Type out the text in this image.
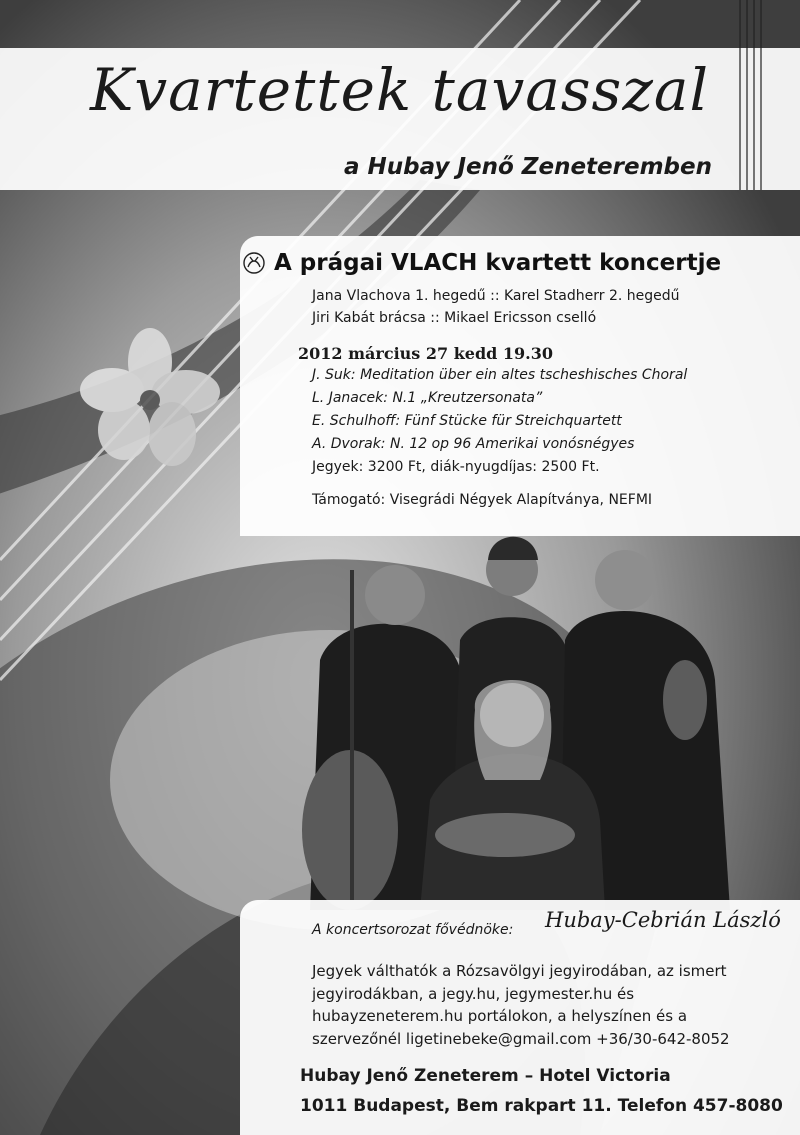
Kvartettek tavasszal
a Hubay Jenő Zeneteremben
A prágai VLACH kvartett koncertje
Jana Vlachova 1. hegedű :: Karel Stadherr 2. hegedű
Jiri Kabát brácsa :: Mikael Ericsson cselló
2012 március 27 kedd 19.30
J. Suk: Meditation über ein altes tscheshisches Choral
L. Janacek: N.1 „Kreutzersonata”
E. Schulhoff: Fünf Stücke für Streichquartett
A. Dvorak: N. 12 op 96 Amerikai vonósnégyes
Jegyek: 3200 Ft, diák-nyugdíjas: 2500 Ft.
Támogató: Visegrádi Négyek Alapítványa, NEFMI
A koncertsorozat fővédnöke: Hubay-Cebrián László
Jegyek válthatók a Rózsavölgyi jegyirodában, az ismert
jegyirodákban, a jegy.hu, jegymester.hu és
hubayzeneterem.hu portálokon, a helyszínen és a
szervezőnél ligetinebeke@gmail.com +36/30-642-8052
Hubay Jenő Zeneterem – Hotel Victoria
1011 Budapest, Bem rakpart 11. Telefon 457-8080
